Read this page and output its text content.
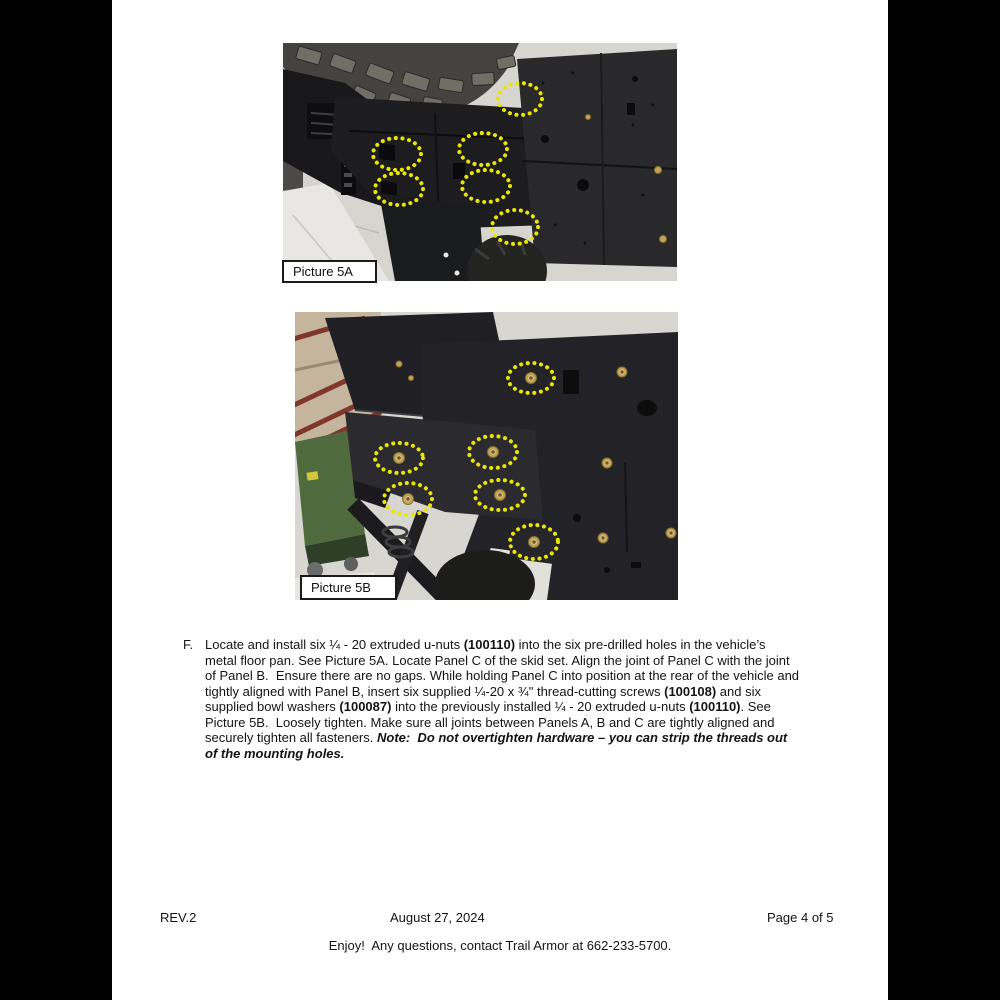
Picture 5A
Picture 5B
F. Locate and install six ¼ - 20 extruded u-nuts (100110) into the six pre-drilled holes in the vehicle’s
metal floor pan. See Picture 5A. Locate Panel C of the skid set. Align the joint of Panel C with the joint
of Panel B.  Ensure there are no gaps. While holding Panel C into position at the rear of the vehicle and
tightly aligned with Panel B, insert six supplied ¼-20 x ¾" thread-cutting screws (100108) and six
supplied bowl washers (100087) into the previously installed ¼ - 20 extruded u-nuts (100110). See
Picture 5B.  Loosely tighten. Make sure all joints between Panels A, B and C are tightly aligned and
securely tighten all fasteners. Note:  Do not overtighten hardware – you can strip the threads out
of the mounting holes.
REV.2	August 27, 2024	Page 4 of 5
Enjoy!  Any questions, contact Trail Armor at 662-233-5700.
